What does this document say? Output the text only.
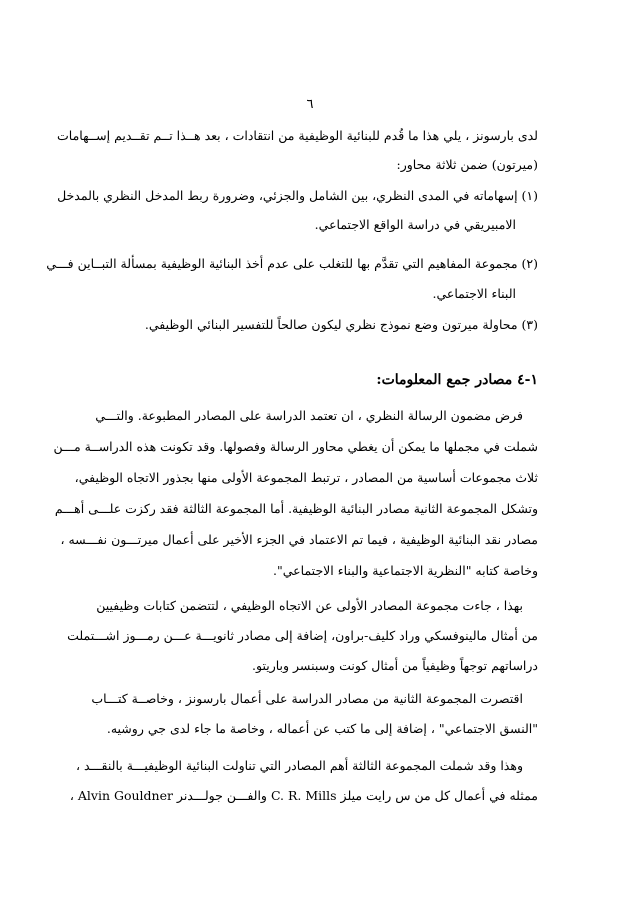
٦
لدى بارسونز ، يلي هذا ما قُدم للبنائية الوظيفية من انتقادات ، بعد هــذا تــم تقــديم إســهامات
(ميرتون) ضمن ثلاثة محاور:
(١) إسهاماته في المدى النظري، بين الشامل والجزئي، وضرورة ربط المدخل النظري بالمدخل
الامبيريقي في دراسة الواقع الاجتماعي.
(٢) مجموعة المفاهيم التي تقدَّم بها للتغلب على عدم أخذ البنائية الوظيفية بمسألة التبــاين فـــي
البناء الاجتماعي.
(٣) محاولة ميرتون وضع نموذج نظري ليكون صالحاً للتفسير البنائي الوظيفي.
١-٤ مصادر جمع المعلومات:
فرض مضمون الرسالة النظري ، ان تعتمد الدراسة على المصادر المطبوعة. والتـــي
شملت في مجملها ما يمكن أن يغطي محاور الرسالة وفصولها. وقد تكونت هذه الدراســة مـــن
ثلاث مجموعات أساسية من المصادر ، ترتبط المجموعة الأولى منها بجذور الاتجاه الوظيفي،
وتشكل المجموعة الثانية مصادر البنائية الوظيفية. أما المجموعة الثالثة فقد ركزت علـــى أهـــم
مصادر نقد البنائية الوظيفية ، فيما تم الاعتماد في الجزء الأخير على أعمال ميرتـــون نفـــسه ،
وخاصة كتابه "النظرية الاجتماعية والبناء الاجتماعي".
بهذا ، جاءت مجموعة المصادر الأولى عن الاتجاه الوظيفي ، لتتضمن كتابات وظيفيين
من أمثال مالينوفسكي وراد كليف-براون، إضافة إلى مصادر ثانويـــة عـــن رمـــوز اشـــتملت
دراساتهم توجهاً وظيفياً من أمثال كونت وسبنسر وباريتو.
اقتصرت المجموعة الثانية من مصادر الدراسة على أعمال بارسونز ، وخاصــة كتـــاب
"النسق الاجتماعي" ، إضافة إلى ما كتب عن أعماله ، وخاصة ما جاء لدى جي روشيه.
وهذا وقد شملت المجموعة الثالثة أهم المصادر التي تناولت البنائية الوظيفيـــة بالنقـــد ،
ممثله في أعمال كل من س رايت ميلز C. R. Mills والفـــن جولـــدنر Alvin Gouldner ،
